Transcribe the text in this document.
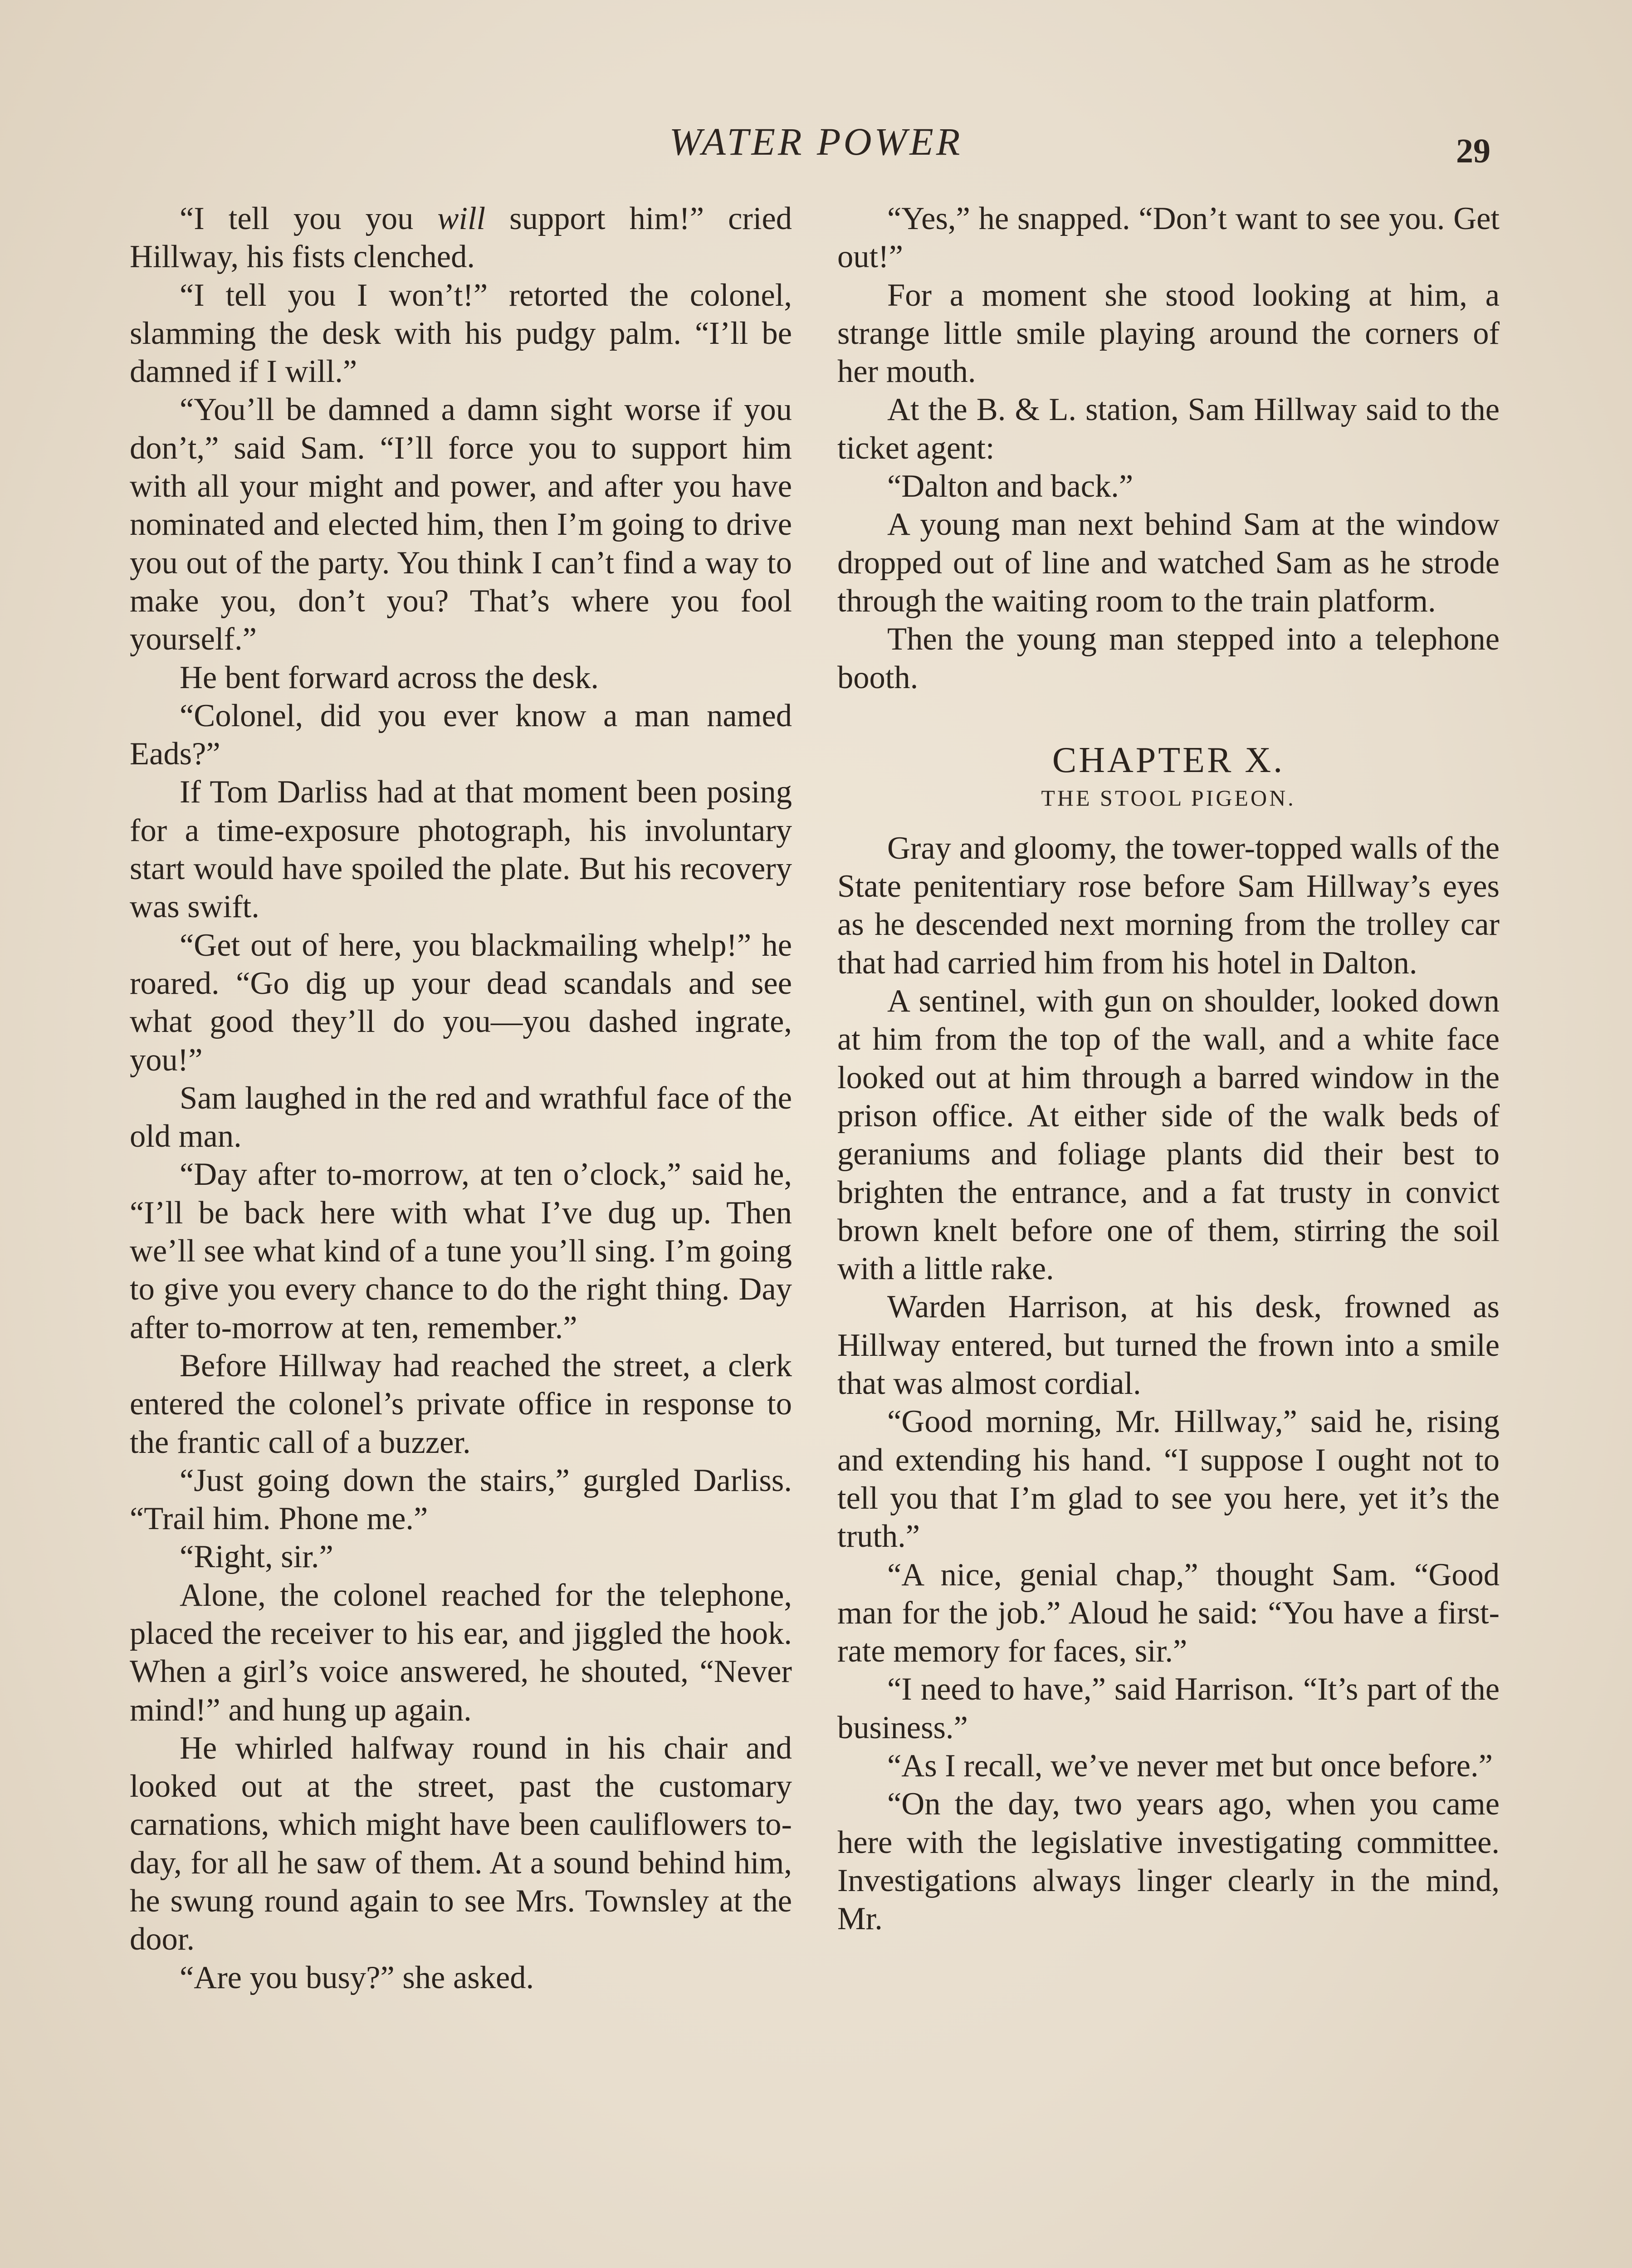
WATER POWER	29

“I tell you you will support him!” cried Hillway, his fists clenched.

“I tell you I won’t!” retorted the colonel, slamming the desk with his pudgy palm. “I’ll be damned if I will.”

“You’ll be damned a damn sight worse if you don’t,” said Sam. “I’ll force you to support him with all your might and power, and after you have nominated and elected him, then I’m going to drive you out of the party. You think I can’t find a way to make you, don’t you? That’s where you fool yourself.”

He bent forward across the desk.

“Colonel, did you ever know a man named Eads?”

If Tom Darliss had at that moment been posing for a time-exposure photograph, his involuntary start would have spoiled the plate. But his recovery was swift.

“Get out of here, you blackmailing whelp!” he roared. “Go dig up your dead scandals and see what good they’ll do you—you dashed ingrate, you!”

Sam laughed in the red and wrathful face of the old man.

“Day after to-morrow, at ten o’clock,” said he, “I’ll be back here with what I’ve dug up. Then we’ll see what kind of a tune you’ll sing. I’m going to give you every chance to do the right thing. Day after to-morrow at ten, remember.”

Before Hillway had reached the street, a clerk entered the colonel’s private office in response to the frantic call of a buzzer.

“Just going down the stairs,” gurgled Darliss. “Trail him. Phone me.”

“Right, sir.”

Alone, the colonel reached for the telephone, placed the receiver to his ear, and jiggled the hook. When a girl’s voice answered, he shouted, “Never mind!” and hung up again.

He whirled halfway round in his chair and looked out at the street, past the customary carnations, which might have been cauliflowers to-day, for all he saw of them. At a sound behind him, he swung round again to see Mrs. Townsley at the door.

“Are you busy?” she asked.

“Yes,” he snapped. “Don’t want to see you. Get out!”

For a moment she stood looking at him, a strange little smile playing around the corners of her mouth.

At the B. & L. station, Sam Hillway said to the ticket agent:

“Dalton and back.”

A young man next behind Sam at the window dropped out of line and watched Sam as he strode through the waiting room to the train platform.

Then the young man stepped into a telephone booth.

CHAPTER X.
THE STOOL PIGEON.

Gray and gloomy, the tower-topped walls of the State penitentiary rose before Sam Hillway’s eyes as he descended next morning from the trolley car that had carried him from his hotel in Dalton.

A sentinel, with gun on shoulder, looked down at him from the top of the wall, and a white face looked out at him through a barred window in the prison office. At either side of the walk beds of geraniums and foliage plants did their best to brighten the entrance, and a fat trusty in convict brown knelt before one of them, stirring the soil with a little rake.

Warden Harrison, at his desk, frowned as Hillway entered, but turned the frown into a smile that was almost cordial.

“Good morning, Mr. Hillway,” said he, rising and extending his hand. “I suppose I ought not to tell you that I’m glad to see you here, yet it’s the truth.”

“A nice, genial chap,” thought Sam. “Good man for the job.” Aloud he said: “You have a first-rate memory for faces, sir.”

“I need to have,” said Harrison. “It’s part of the business.”

“As I recall, we’ve never met but once before.”

“On the day, two years ago, when you came here with the legislative investigating committee. Investigations always linger clearly in the mind, Mr.
